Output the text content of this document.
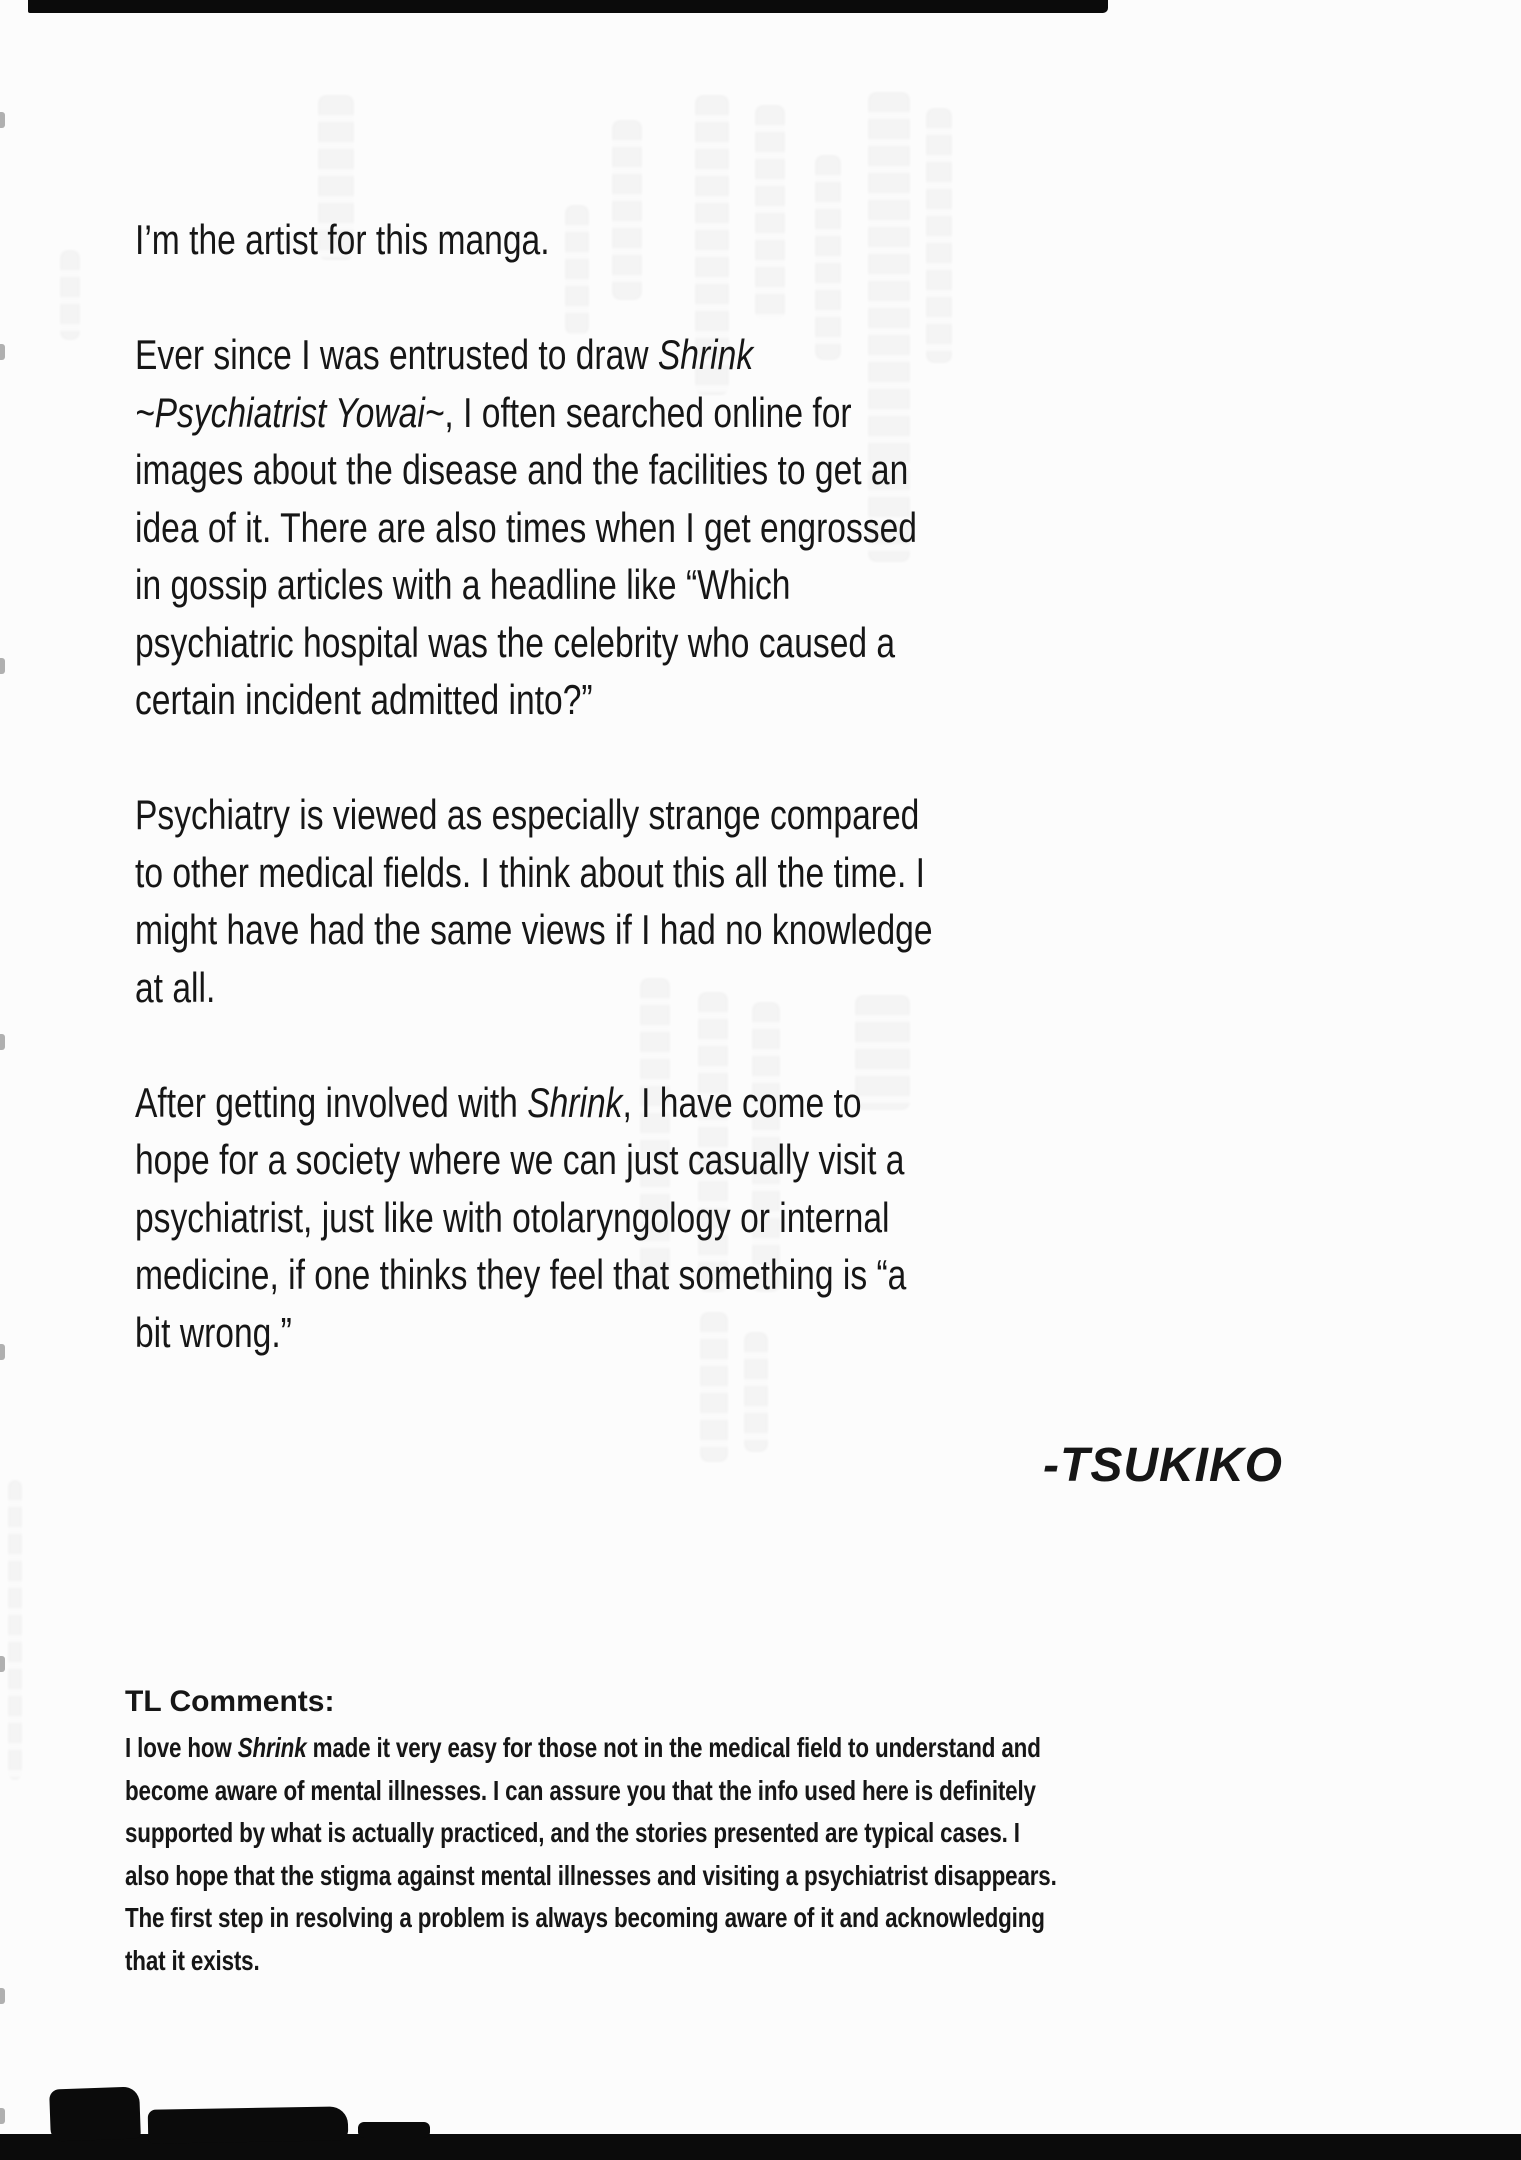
I’m the artist for this manga.
Ever since I was entrusted to draw Shrink
~Psychiatrist Yowai~, I often searched online for
images about the disease and the facilities to get an
idea of it. There are also times when I get engrossed
in gossip articles with a headline like “Which
psychiatric hospital was the celebrity who caused a
certain incident admitted into?”
Psychiatry is viewed as especially strange compared
to other medical fields. I think about this all the time. I
might have had the same views if I had no knowledge
at all.
After getting involved with Shrink, I have come to
hope for a society where we can just casually visit a
psychiatrist, just like with otolaryngology or internal
medicine, if one thinks they feel that something is “a
bit wrong.”
-TSUKIKO
TL Comments:
I love how Shrink made it very easy for those not in the medical field to understand and
become aware of mental illnesses. I can assure you that the info used here is definitely
supported by what is actually practiced, and the stories presented are typical cases. I
also hope that the stigma against mental illnesses and visiting a psychiatrist disappears.
The first step in resolving a problem is always becoming aware of it and acknowledging
that it exists.
